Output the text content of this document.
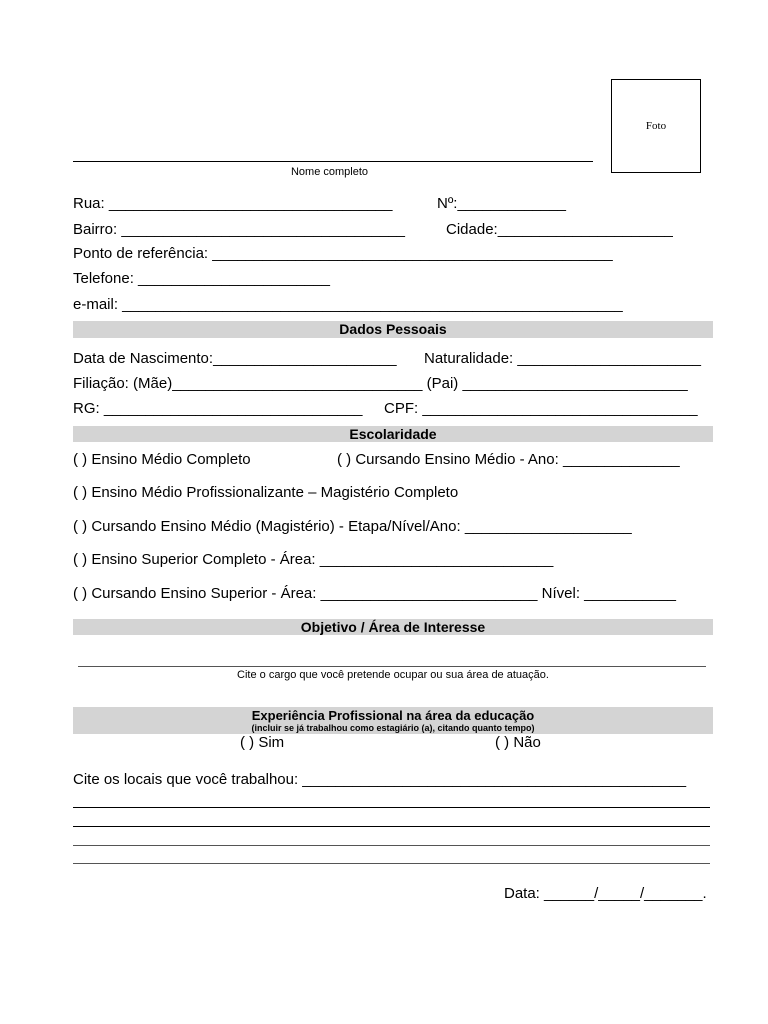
Foto
Nome completo
Rua: __________________________________	Nº:_____________
Bairro: __________________________________	Cidade:_____________________
Ponto de referência: ________________________________________________
Telefone: _______________________
e-mail: ____________________________________________________________
Dados Pessoais
Data de Nascimento:______________________ Naturalidade: ______________________
Filiação: (Mãe)______________________________ (Pai) ___________________________
RG: _______________________________ CPF: _________________________________
Escolaridade
( ) Ensino Médio Completo	( ) Cursando Ensino Médio - Ano: ______________
( ) Ensino Médio Profissionalizante – Magistério Completo
( ) Cursando Ensino Médio (Magistério) - Etapa/Nível/Ano: ____________________
( ) Ensino Superior Completo - Área: ____________________________
( ) Cursando Ensino Superior - Área: __________________________ Nível: ___________
Objetivo / Área de Interesse
Cite o cargo que você pretende ocupar ou sua área de atuação.
Experiência Profissional na área da educação
(incluir se já trabalhou como estagiário (a), citando quanto tempo)
( ) Sim	( ) Não
Cite os locais que você trabalhou: ______________________________________________
Data: ______/_____/_______.
